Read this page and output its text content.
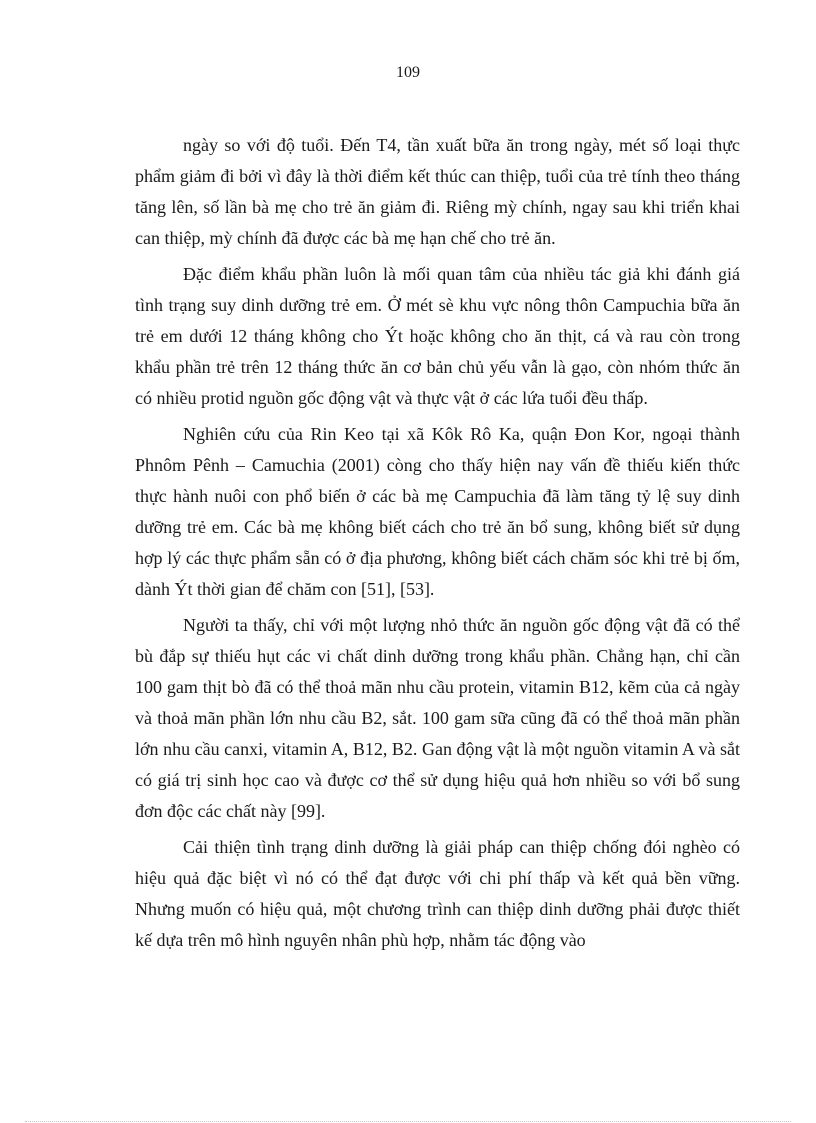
109

ngày so với độ tuổi. Đến T4, tần xuất bữa ăn trong ngày, mét số loại thực phẩm giảm đi bởi vì đây là thời điểm kết thúc can thiệp, tuổi của trẻ tính theo tháng tăng lên, số lần bà mẹ cho trẻ ăn giảm đi. Riêng mỳ chính, ngay sau khi triển khai can thiệp, mỳ chính đã được các bà mẹ hạn chế cho trẻ ăn.

Đặc điểm khẩu phần luôn là mối quan tâm của nhiều tác giả khi đánh giá tình trạng suy dinh dưỡng trẻ em. Ở mét sè khu vực nông thôn Campuchia bữa ăn trẻ em dưới 12 tháng không cho Ýt hoặc không cho ăn thịt, cá và rau còn trong khẩu phần trẻ trên 12 tháng thức ăn cơ bản chủ yếu vẫn là gạo, còn nhóm thức ăn có nhiều protid nguồn gốc động vật và thực vật ở các lứa tuổi đều thấp.

Nghiên cứu của Rin Keo tại xã Kôk Rô Ka, quận Đon Kor, ngoại thành Phnôm Pênh – Camuchia (2001) còng cho thấy hiện nay vấn đề thiếu kiến thức thực hành nuôi con phổ biến ở các bà mẹ Campuchia đã làm tăng tỷ lệ suy dinh dưỡng trẻ em. Các bà mẹ không biết cách cho trẻ ăn bổ sung, không biết sử dụng hợp lý các thực phẩm sẵn có ở địa phương, không biết cách chăm sóc khi trẻ bị ốm, dành Ýt thời gian để chăm con [51], [53].

Người ta thấy, chỉ với một lượng nhỏ thức ăn nguồn gốc động vật đã có thể bù đắp sự thiếu hụt các vi chất dinh dưỡng trong khẩu phần. Chẳng hạn, chỉ cần 100 gam thịt bò đã có thể thoả mãn nhu cầu protein, vitamin B12, kẽm của cả ngày và thoả mãn phần lớn nhu cầu B2, sắt. 100 gam sữa cũng đã có thể thoả mãn phần lớn nhu cầu canxi, vitamin A, B12, B2. Gan động vật là một nguồn vitamin A và sắt có giá trị sinh học cao và được cơ thể sử dụng hiệu quả hơn nhiều so với bổ sung đơn độc các chất này [99].

Cải thiện tình trạng dinh dưỡng là giải pháp can thiệp chống đói nghèo có hiệu quả đặc biệt vì nó có thể đạt được với chi phí thấp và kết quả bền vững. Nhưng muốn có hiệu quả, một chương trình can thiệp dinh dưỡng phải được thiết kế dựa trên mô hình nguyên nhân phù hợp, nhằm tác động vào
